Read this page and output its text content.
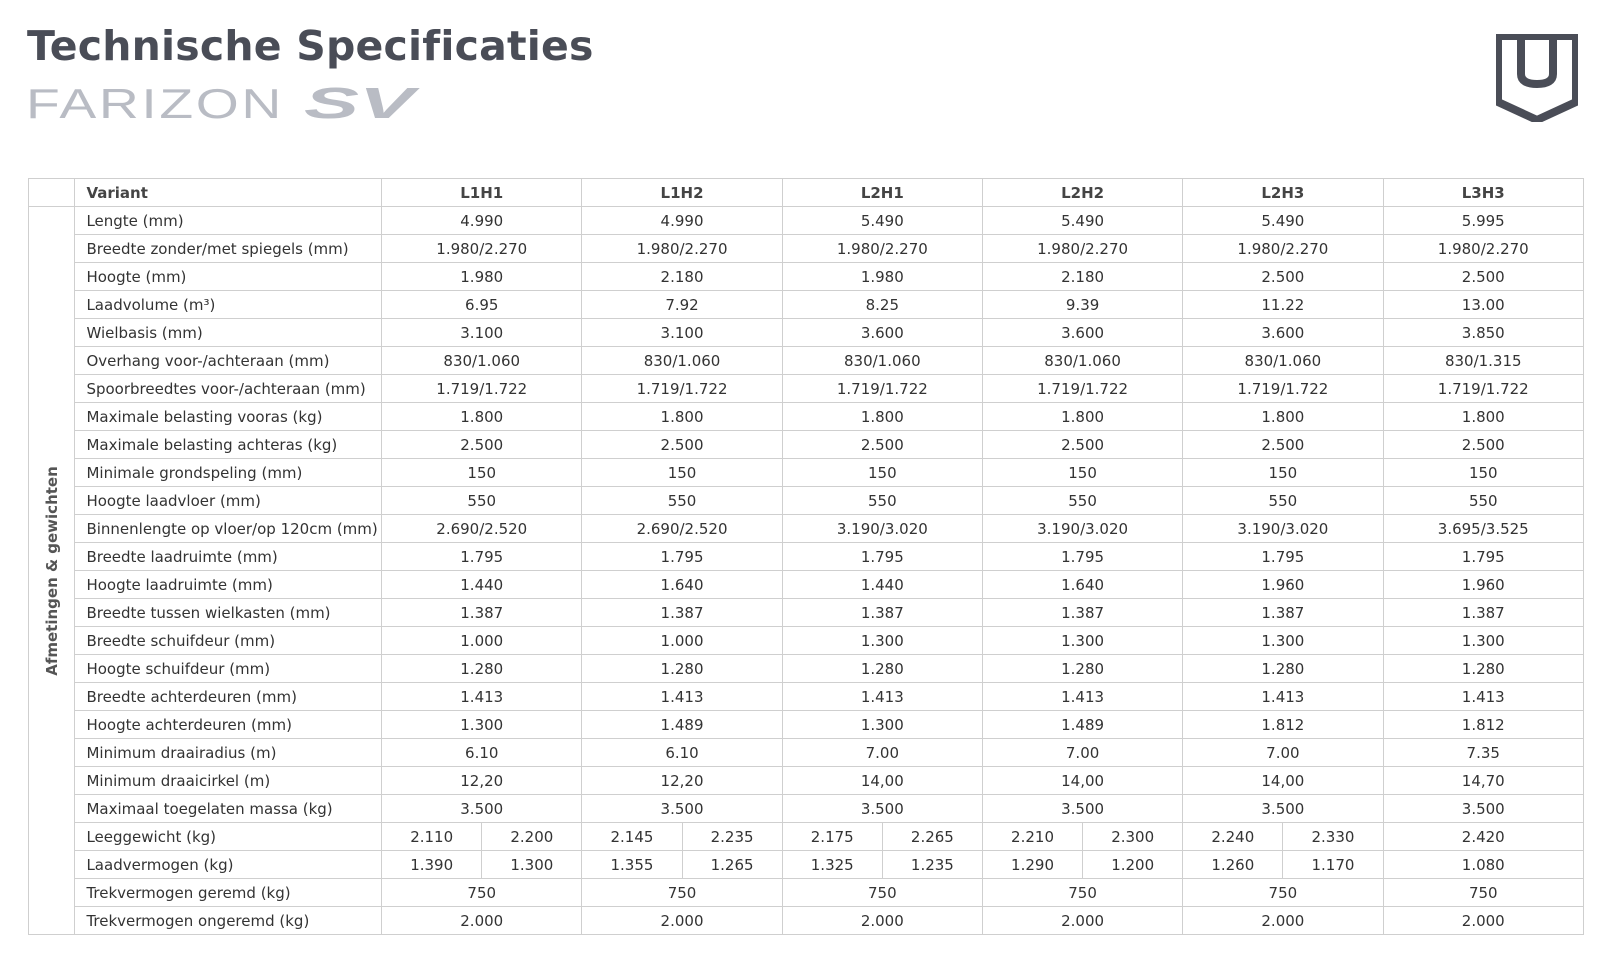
Technische Specificaties
FARIZON SV
	Variant	L1H1		L1H2		L2H1		L2H2		L2H3		L3H3

Afmetingen & gewichten	Lengte (mm)	4.990		4.990		5.490		5.490		5.490		5.995
	Breedte zonder/met spiegels (mm)	1.980/2.270		1.980/2.270		1.980/2.270		1.980/2.270		1.980/2.270		1.980/2.270
	Hoogte (mm)	1.980		2.180		1.980		2.180		2.500		2.500
	Laadvolume (m³)	6.95		7.92		8.25		9.39		11.22		13.00
	Wielbasis (mm)	3.100		3.100		3.600		3.600		3.600		3.850
	Overhang voor-/achteraan (mm)	830/1.060		830/1.060		830/1.060		830/1.060		830/1.060		830/1.315
	Spoorbreedtes voor-/achteraan (mm)	1.719/1.722		1.719/1.722		1.719/1.722		1.719/1.722		1.719/1.722		1.719/1.722
	Maximale belasting vooras (kg)	1.800		1.800		1.800		1.800		1.800		1.800
	Maximale belasting achteras (kg)	2.500		2.500		2.500		2.500		2.500		2.500
	Minimale grondspeling (mm)	150		150		150		150		150		150
	Hoogte laadvloer (mm)	550		550		550		550		550		550
	Binnenlengte op vloer/op 120cm (mm)	2.690/2.520		2.690/2.520		3.190/3.020		3.190/3.020		3.190/3.020		3.695/3.525
	Breedte laadruimte (mm)	1.795		1.795		1.795		1.795		1.795		1.795
	Hoogte laadruimte (mm)	1.440		1.640		1.440		1.640		1.960		1.960
	Breedte tussen wielkasten (mm)	1.387		1.387		1.387		1.387		1.387		1.387
	Breedte schuifdeur (mm)	1.000		1.000		1.300		1.300		1.300		1.300
	Hoogte schuifdeur (mm)	1.280		1.280		1.280		1.280		1.280		1.280
	Breedte achterdeuren (mm)	1.413		1.413		1.413		1.413		1.413		1.413
	Hoogte achterdeuren (mm)	1.300		1.489		1.300		1.489		1.812		1.812
	Minimum draairadius (m)	6.10		6.10		7.00		7.00		7.00		7.35
	Minimum draaicirkel (m)	12,20		12,20		14,00		14,00		14,00		14,70
	Maximaal toegelaten massa (kg)	3.500		3.500		3.500		3.500		3.500		3.500
	Leeggewicht (kg)	2.110	2.200	2.145	2.235	2.175	2.265	2.210	2.300	2.240	2.330	2.420
	Laadvermogen (kg)	1.390	1.300	1.355	1.265	1.325	1.235	1.290	1.200	1.260	1.170	1.080
	Trekvermogen geremd (kg)	750		750		750		750		750		750
	Trekvermogen ongeremd (kg)	2.000		2.000		2.000		2.000		2.000		2.000
